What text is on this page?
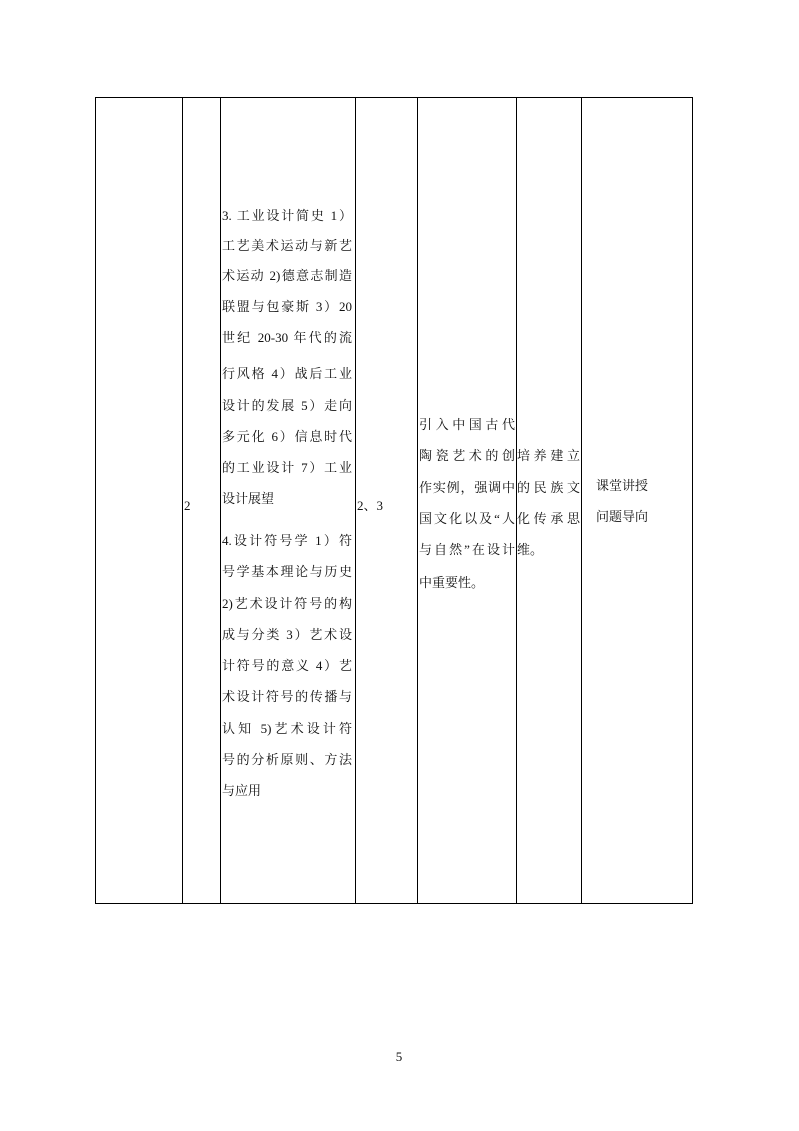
2
3. 工业设计简史 1）
工艺美术运动与新艺
术运动 2)德意志制造
联盟与包豪斯 3）20
世纪 20-30 年代的流
行风格 4）战后工业
设计的发展 5）走向
多元化 6）信息时代
的工业设计 7）工业
设计展望
4.设计符号学 1）符
号学基本理论与历史
2)艺术设计符号的构
成与分类 3）艺术设
计符号的意义 4）艺
术设计符号的传播与
认知 5)艺术设计符
号的分析原则、方法
与应用
2、3
引入中国古代
陶瓷艺术的创
作实例，强调中
国文化以及“人
与自然”在设计
中重要性。
培养建立
的民族文
化传承思
维。
课堂讲授
问题导向
5
